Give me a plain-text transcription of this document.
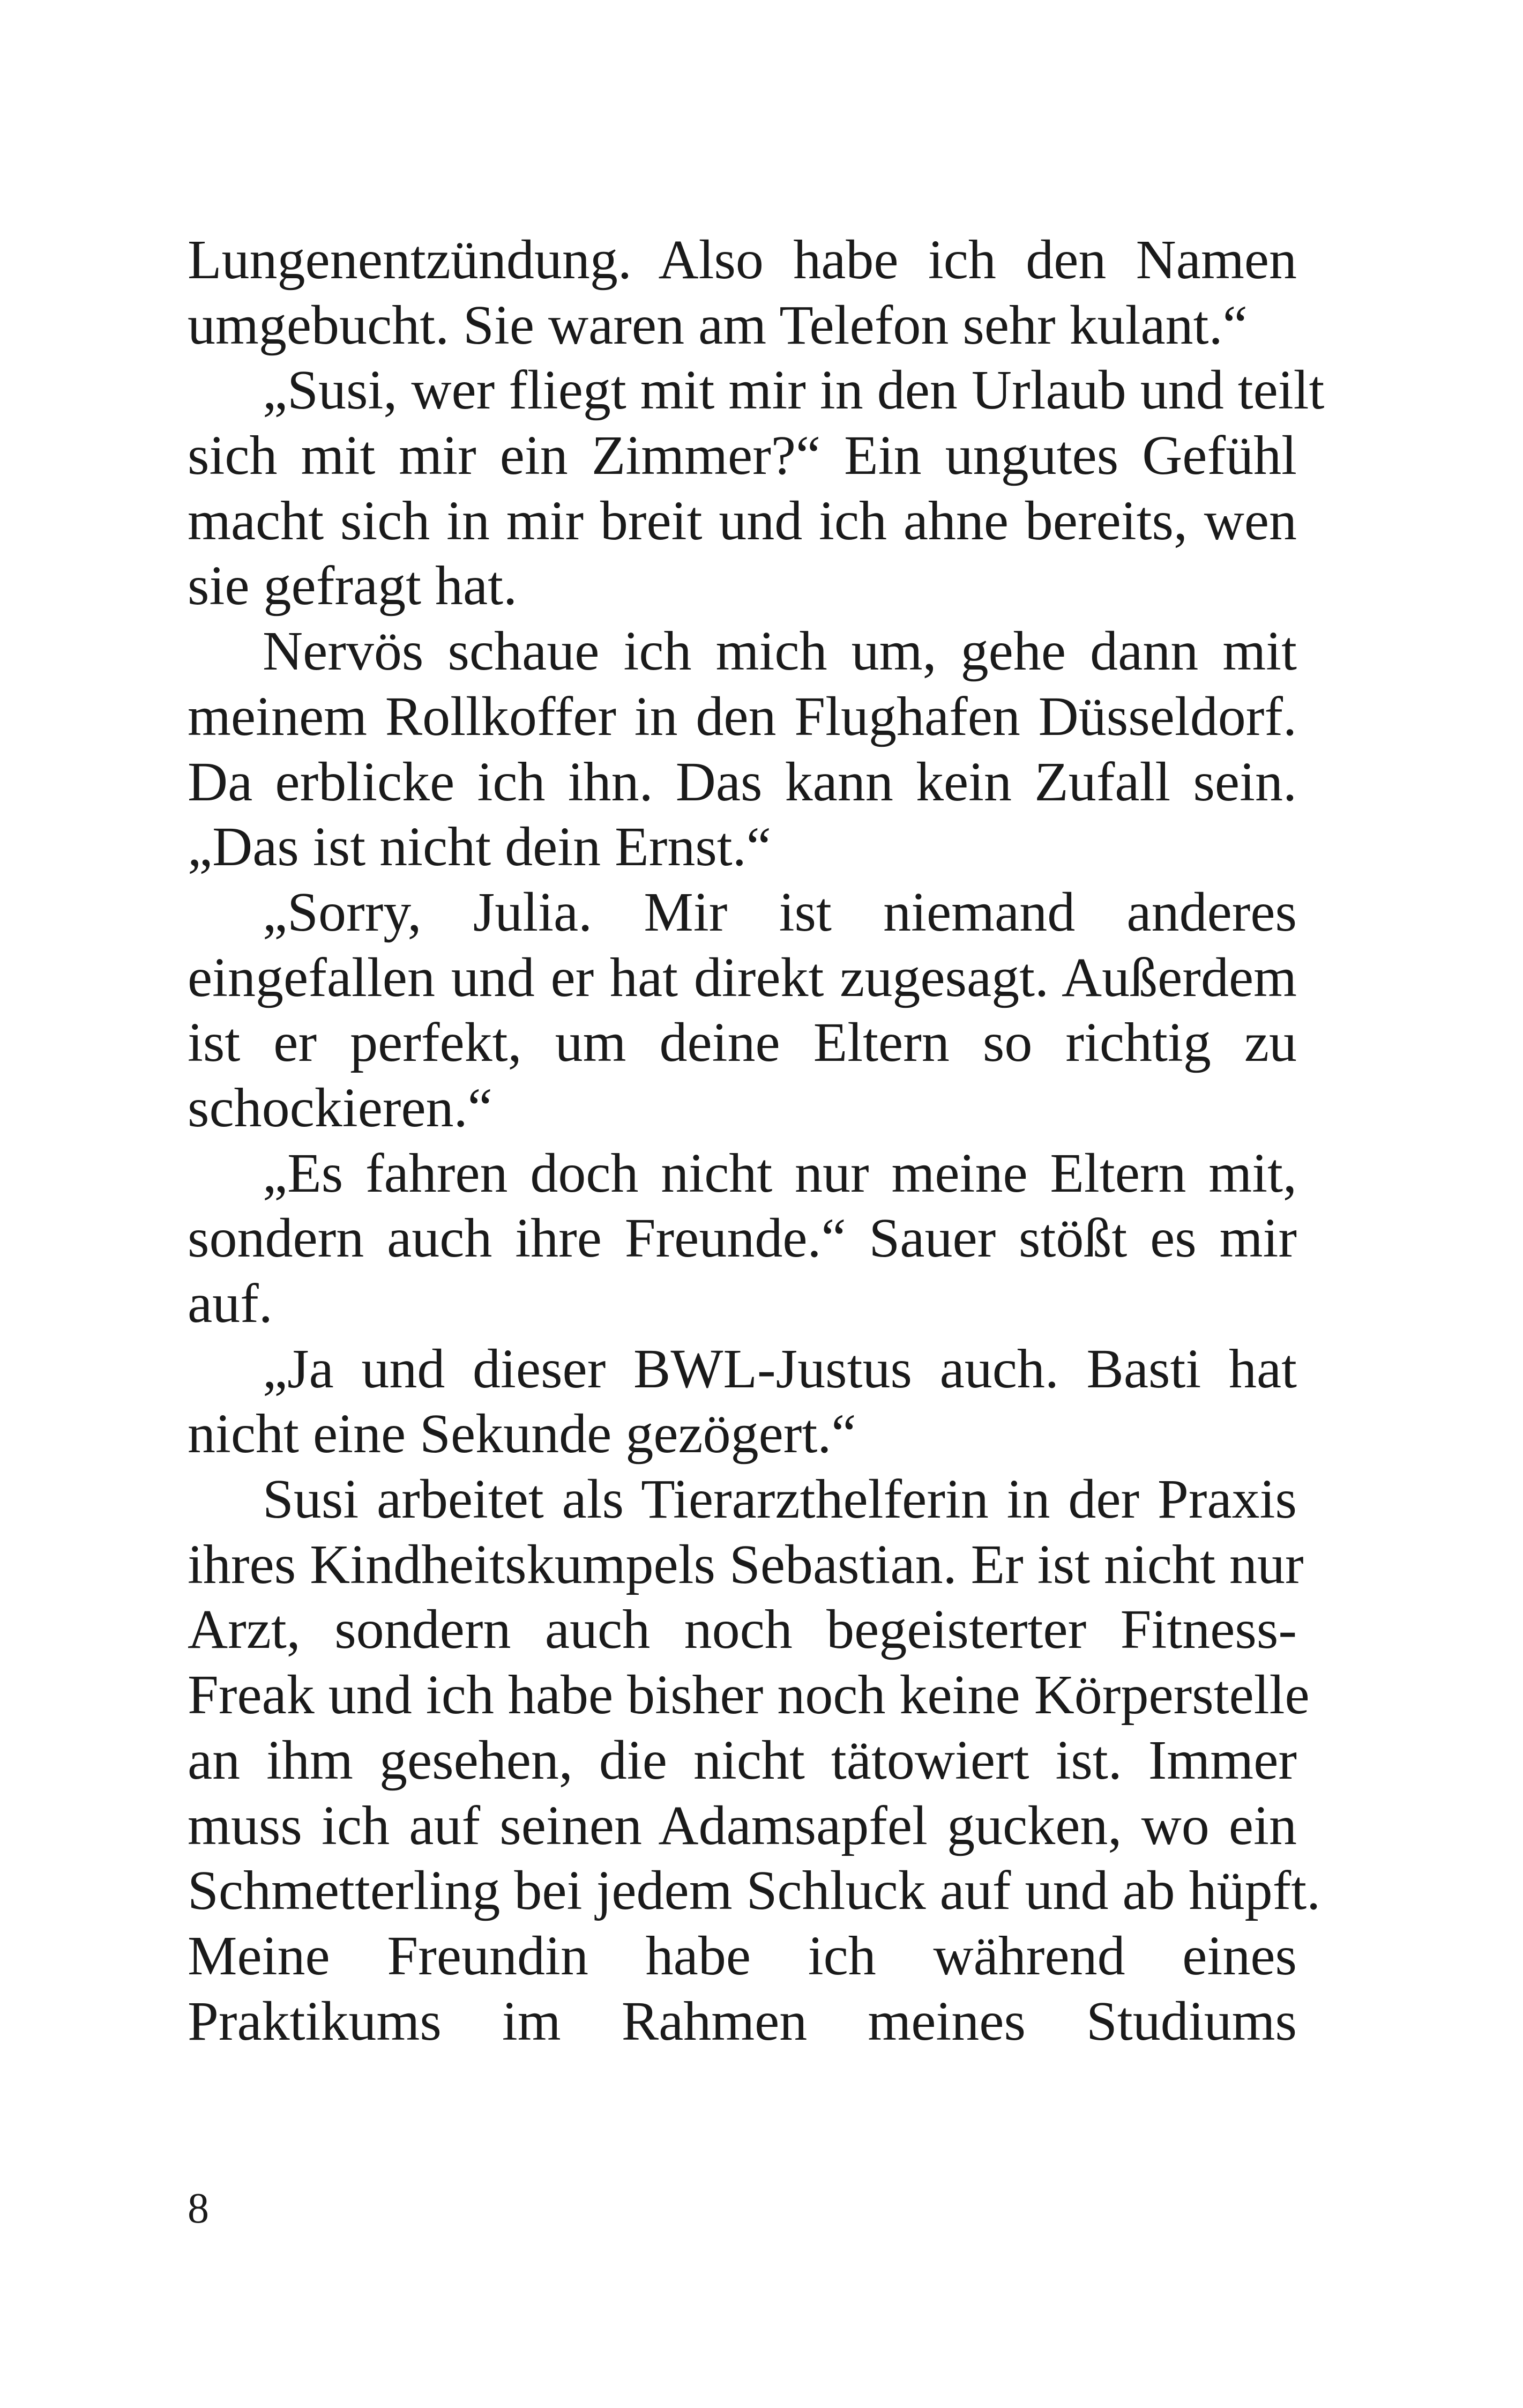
Lungenentzündung. Also habe ich den Namen
umgebucht. Sie waren am Telefon sehr kulant.“
„Susi, wer fliegt mit mir in den Urlaub und teilt
sich mit mir ein Zimmer?“ Ein ungutes Gefühl
macht sich in mir breit und ich ahne bereits, wen
sie gefragt hat.
Nervös schaue ich mich um, gehe dann mit
meinem Rollkoffer in den Flughafen Düsseldorf.
Da erblicke ich ihn. Das kann kein Zufall sein.
„Das ist nicht dein Ernst.“
„Sorry, Julia. Mir ist niemand anderes
eingefallen und er hat direkt zugesagt. Außerdem
ist er perfekt, um deine Eltern so richtig zu
schockieren.“
„Es fahren doch nicht nur meine Eltern mit,
sondern auch ihre Freunde.“ Sauer stößt es mir
auf.
„Ja und dieser BWL-Justus auch. Basti hat
nicht eine Sekunde gezögert.“
Susi arbeitet als Tierarzthelferin in der Praxis
ihres Kindheitskumpels Sebastian. Er ist nicht nur
Arzt, sondern auch noch begeisterter Fitness-
Freak und ich habe bisher noch keine Körperstelle
an ihm gesehen, die nicht tätowiert ist. Immer
muss ich auf seinen Adamsapfel gucken, wo ein
Schmetterling bei jedem Schluck auf und ab hüpft.
Meine Freundin habe ich während eines
Praktikums im Rahmen meines Studiums
8
